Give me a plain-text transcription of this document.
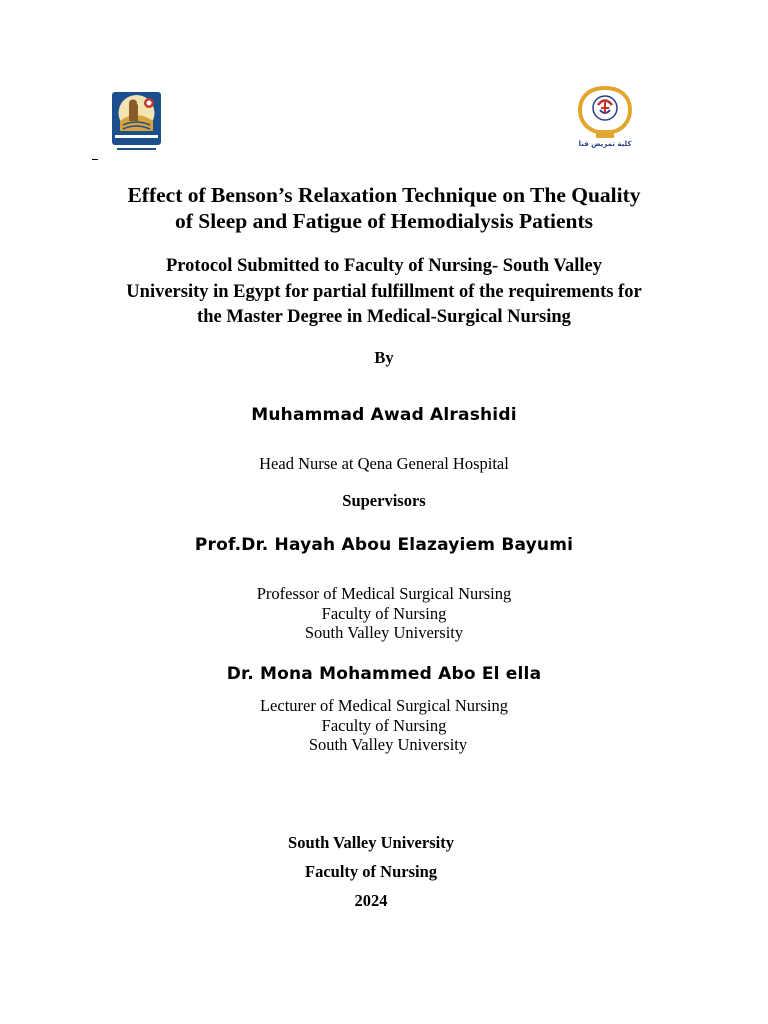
كلية تمريض قنا
Effect of Benson’s Relaxation Technique on The Quality
of Sleep and Fatigue of Hemodialysis Patients
Protocol Submitted to Faculty of Nursing- South Valley
University in Egypt for partial fulfillment of the requirements for
the Master Degree in Medical-Surgical Nursing
By
Muhammad Awad Alrashidi
Head Nurse at Qena General Hospital
Supervisors
Prof.Dr. Hayah Abou Elazayiem Bayumi
Professor of Medical Surgical Nursing
Faculty of Nursing
South Valley University
Dr. Mona Mohammed Abo El ella
Lecturer of Medical Surgical Nursing
Faculty of Nursing
South Valley University
South Valley University
Faculty of Nursing
2024
